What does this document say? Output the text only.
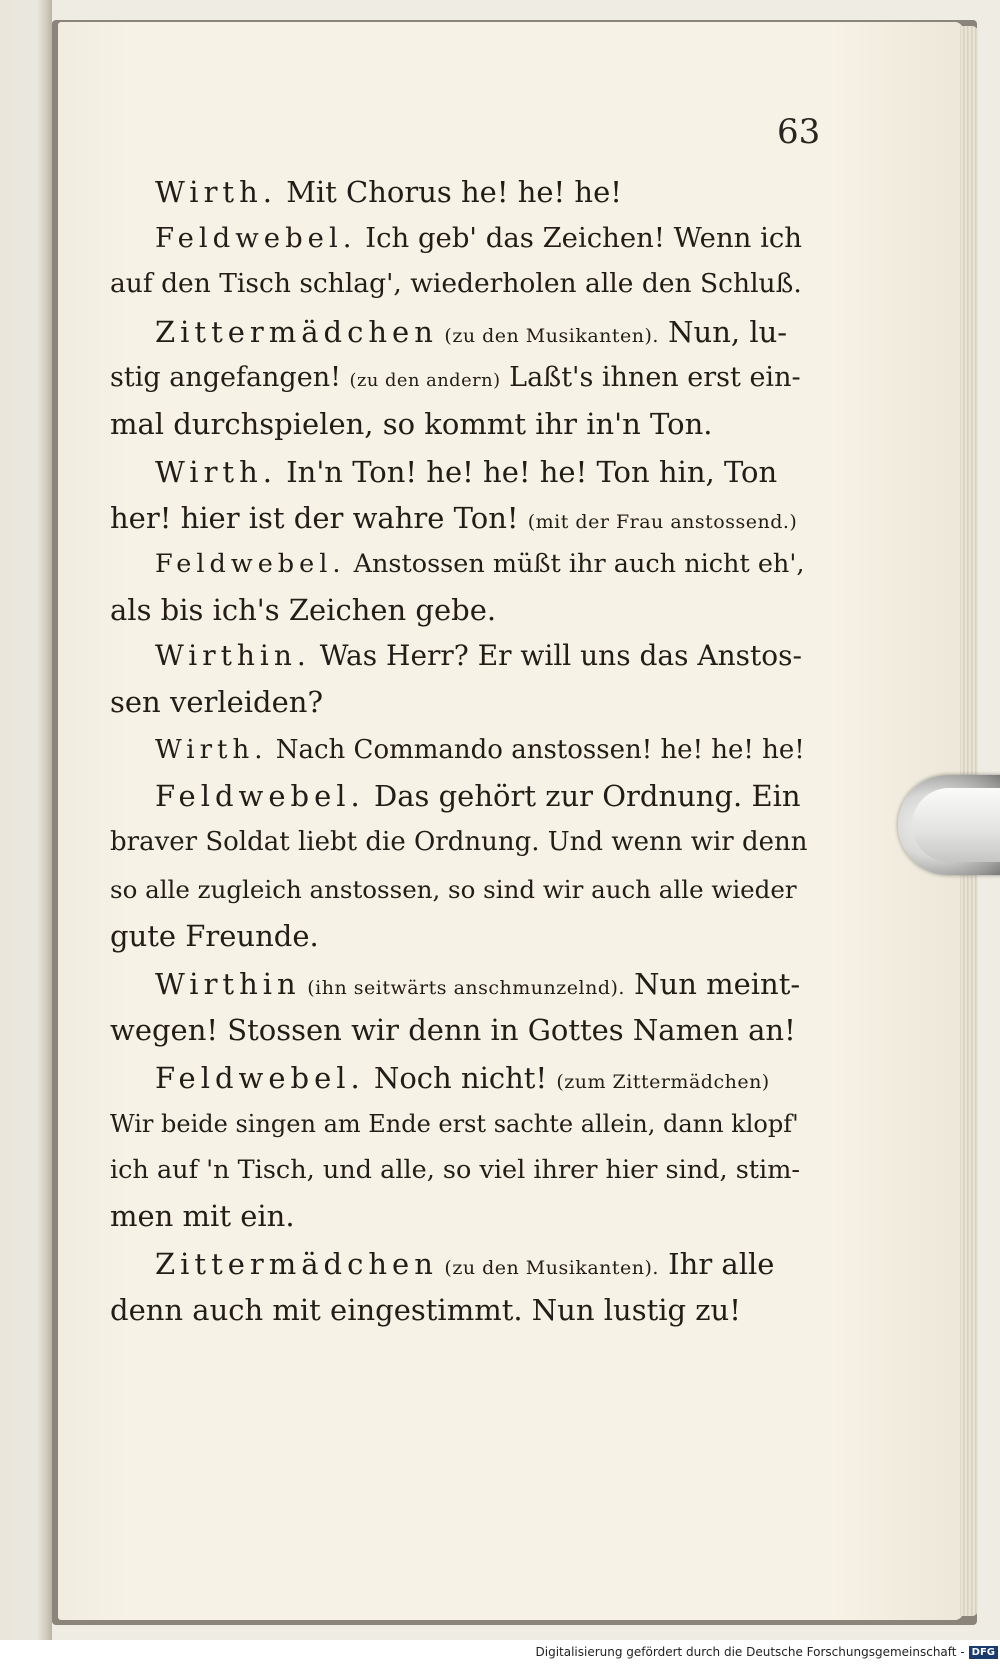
63
Wirth. Mit Chorus he! he! he!
Feldwebel. Ich geb' das Zeichen! Wenn ich
auf den Tisch schlag', wiederholen alle den Schluß.
Zittermädchen (zu den Musikanten). Nun, lu-
stig angefangen! (zu den andern) Laßt's ihnen erst ein-
mal durchspielen, so kommt ihr in'n Ton.
Wirth. In'n Ton! he! he! he! Ton hin, Ton
her! hier ist der wahre Ton! (mit der Frau anstossend.)
Feldwebel. Anstossen müßt ihr auch nicht eh',
als bis ich's Zeichen gebe.
Wirthin. Was Herr? Er will uns das Anstos-
sen verleiden?
Wirth. Nach Commando anstossen! he! he! he!
Feldwebel. Das gehört zur Ordnung. Ein
braver Soldat liebt die Ordnung. Und wenn wir denn
so alle zugleich anstossen, so sind wir auch alle wieder
gute Freunde.
Wirthin (ihn seitwärts anschmunzelnd). Nun meint-
wegen! Stossen wir denn in Gottes Namen an!
Feldwebel. Noch nicht! (zum Zittermädchen)
Wir beide singen am Ende erst sachte allein, dann klopf'
ich auf 'n Tisch, und alle, so viel ihrer hier sind, stim-
men mit ein.
Zittermädchen (zu den Musikanten). Ihr alle
denn auch mit eingestimmt. Nun lustig zu!
Digitalisierung gefördert durch die Deutsche Forschungsgemeinschaft - DFG
